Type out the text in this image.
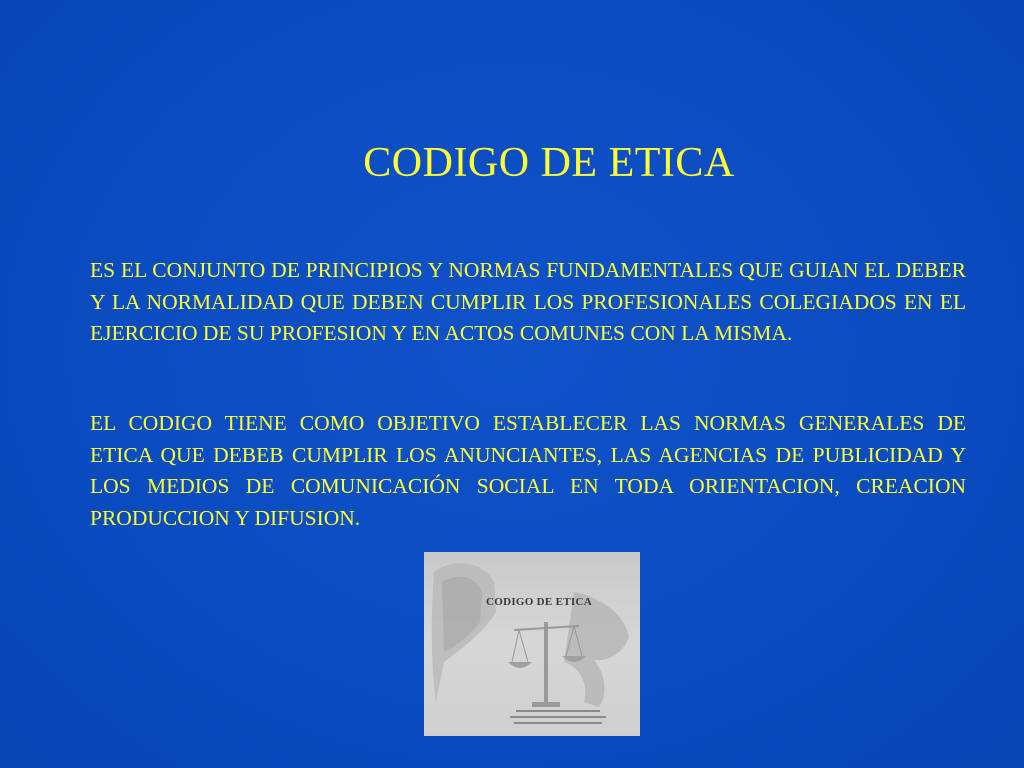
CODIGO DE ETICA
ES EL CONJUNTO DE PRINCIPIOS Y NORMAS FUNDAMENTALES QUE GUIAN EL DEBER Y LA NORMALIDAD QUE DEBEN CUMPLIR LOS PROFESIONALES COLEGIADOS EN EL EJERCICIO DE SU PROFESION Y EN ACTOS COMUNES CON LA MISMA.
EL CODIGO TIENE COMO OBJETIVO ESTABLECER LAS NORMAS GENERALES DE ETICA QUE DEBEB CUMPLIR LOS ANUNCIANTES, LAS AGENCIAS DE PUBLICIDAD Y LOS MEDIOS DE COMUNICACIÓN SOCIAL EN TODA ORIENTACION, CREACION PRODUCCION Y DIFUSION.
CODIGO DE ETICA
